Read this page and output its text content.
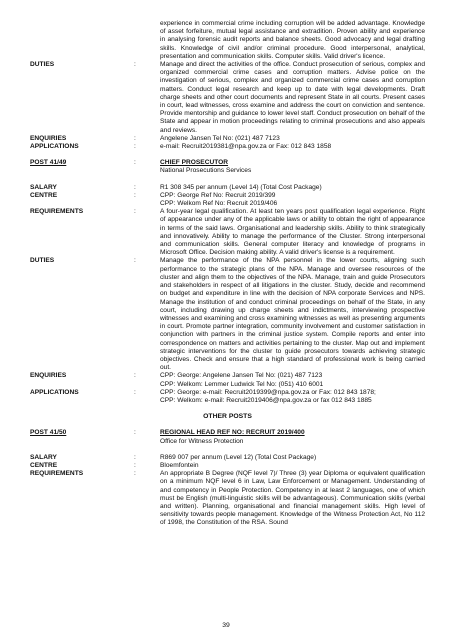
experience in commercial crime including corruption will be added advantage. Knowledge of asset forfeiture, mutual legal assistance and extradition. Proven ability and experience in analysing forensic audit reports and balance sheets. Good advocacy and legal drafting skills. Knowledge of civil and/or criminal procedure. Good interpersonal, analytical, presentation and communication skills. Computer skills. Valid driver's licence.
DUTIES	:	Manage and direct the activities of the office. Conduct prosecution of serious, complex and organized commercial crime cases and corruption matters. Advise police on the investigation of serious, complex and organized commercial crime cases and corruption matters. Conduct legal research and keep up to date with legal developments. Draft charge sheets and other court documents and represent State in all courts. Present cases in court, lead witnesses, cross examine and address the court on conviction and sentence. Provide mentorship and guidance to lower level staff. Conduct prosecution on behalf of the State and appear in motion proceedings relating to criminal prosecutions and also appeals and reviews.
ENQUIRIES	:	Angelene Jansen Tel No: (021) 487 7123
APPLICATIONS	:	e-mail: Recruit2019381@npa.gov.za or Fax: 012 843 1858
POST 41/49	:	CHIEF PROSECUTOR
National Prosecutions Services
SALARY	:	R1 308 345 per annum (Level 14) (Total Cost Package)
CENTRE	:	CPP: George Ref No: Recruit 2019/399
CPP: Welkom Ref No: Recruit 2019/406
REQUIREMENTS	:	A four-year legal qualification. At least ten years post qualification legal experience. Right of appearance under any of the applicable laws or ability to obtain the right of appearance in terms of the said laws. Organisational and leadership skills. Ability to think strategically and innovatively. Ability to manage the performance of the Cluster. Strong interpersonal and communication skills. General computer literacy and knowledge of programs in Microsoft Office. Decision making ability. A valid driver's license is a requirement.
DUTIES	:	Manage the performance of the NPA personnel in the lower courts, aligning such performance to the strategic plans of the NPA. Manage and oversee resources of the cluster and align them to the objectives of the NPA. Manage, train and guide Prosecutors and stakeholders in respect of all litigations in the cluster. Study, decide and recommend on budget and expenditure in line with the decision of NPA corporate Services and NPS. Manage the institution of and conduct criminal proceedings on behalf of the State, in any court, including drawing up charge sheets and indictments, interviewing prospective witnesses and examining and cross examining witnesses as well as presenting arguments in court. Promote partner integration, community involvement and customer satisfaction in conjunction with partners in the criminal justice system. Compile reports and enter into correspondence on matters and activities pertaining to the cluster. Map out and implement strategic interventions for the cluster to guide prosecutors towards achieving strategic objectives. Check and ensure that a high standard of professional work is being carried out.
ENQUIRIES	:	CPP: George: Angelene Jansen Tel No: (021) 487 7123
CPP: Welkom: Lemmer Ludwick Tel No: (051) 410 6001
APPLICATIONS	:	CPP: George: e-mail: Recruit2019399@npa.gov.za or Fax: 012 843 1878;
CPP: Welkom: e-mail: Recruit2019406@npa.gov.za or fax 012 843 1885
OTHER POSTS
POST 41/50	:	REGIONAL HEAD REF NO: RECRUIT 2019/400
Office for Witness Protection
SALARY	:	R869 007 per annum (Level 12) (Total Cost Package)
CENTRE	:	Bloemfontein
REQUIREMENTS	:	An appropriate B Degree (NQF level 7)/ Three (3) year Diploma or equivalent qualification on a minimum NQF level 6 in Law, Law Enforcement or Management. Understanding of and competency in People Protection. Competency in at least 2 languages, one of which must be English (multi-linguistic skills will be advantageous). Communication skills (verbal and written). Planning, organisational and financial management skills. High level of sensitivity towards people management. Knowledge of the Witness Protection Act, No 112 of 1998, the Constitution of the RSA. Sound
39
